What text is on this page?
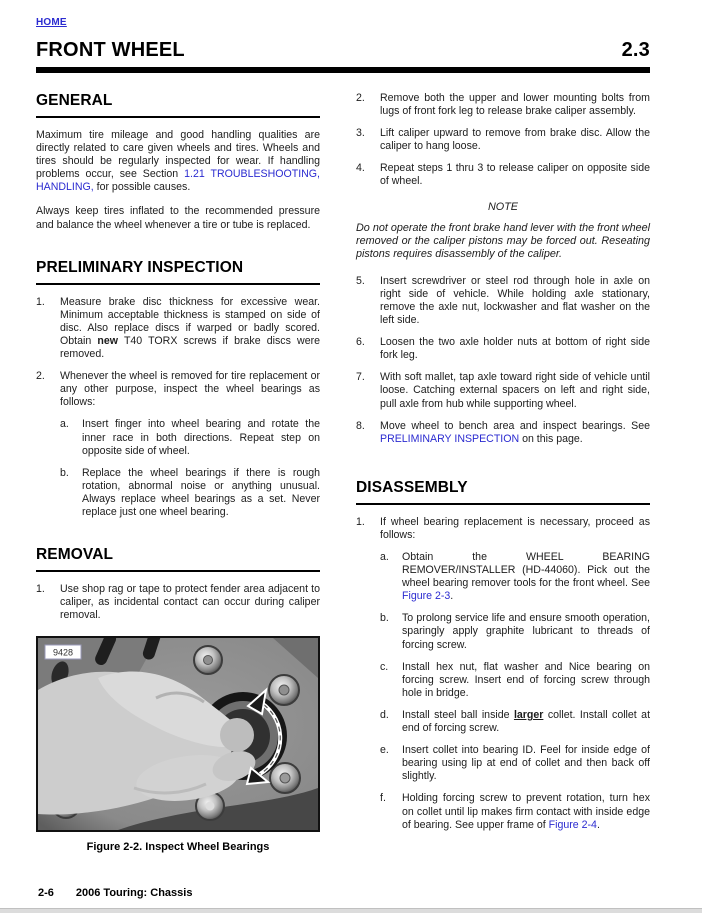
HOME
FRONT WHEEL	2.3
GENERAL

Maximum tire mileage and good handling qualities are directly related to care given wheels and tires. Wheels and tires should be regularly inspected for wear. If handling problems occur, see Section 1.21 TROUBLESHOOTING, HANDLING, for possible causes.

Always keep tires inflated to the recommended pressure and balance the wheel whenever a tire or tube is replaced.

PRELIMINARY INSPECTION
1.	Measure brake disc thickness for excessive wear. Minimum acceptable thickness is stamped on side of disc. Also replace discs if warped or badly scored. Obtain new T40 TORX screws if brake discs were removed.
2.	Whenever the wheel is removed for tire replacement or any other purpose, inspect the wheel bearings as follows:
a.	Insert finger into wheel bearing and rotate the inner race in both directions. Repeat step on opposite side of wheel.
b.	Replace the wheel bearings if there is rough rotation, abnormal noise or anything unusual. Always replace wheel bearings as a set. Never replace just one wheel bearing.
REMOVAL
1.	Use shop rag or tape to protect fender area adjacent to caliper, as incidental contact can occur during caliper removal.
9428
Figure 2-2. Inspect Wheel Bearings
2.	Remove both the upper and lower mounting bolts from lugs of front fork leg to release brake caliper assembly.
3.	Lift caliper upward to remove from brake disc. Allow the caliper to hang loose.
4.	Repeat steps 1 thru 3 to release caliper on opposite side of wheel.
NOTE
Do not operate the front brake hand lever with the front wheel removed or the caliper pistons may be forced out. Reseating pistons requires disassembly of the caliper.
5.	Insert screwdriver or steel rod through hole in axle on right side of vehicle. While holding axle stationary, remove the axle nut, lockwasher and flat washer on the left side.
6.	Loosen the two axle holder nuts at bottom of right side fork leg.
7.	With soft mallet, tap axle toward right side of vehicle until loose. Catching external spacers on left and right side, pull axle from hub while supporting wheel.
8.	Move wheel to bench area and inspect bearings. See PRELIMINARY INSPECTION on this page.
DISASSEMBLY
1.	If wheel bearing replacement is necessary, proceed as follows:
a.	Obtain the WHEEL BEARING REMOVER/INSTALLER (HD-44060). Pick out the wheel bearing remover tools for the front wheel. See Figure 2-3.
b.	To prolong service life and ensure smooth operation, sparingly apply graphite lubricant to threads of forcing screw.
c.	Install hex nut, flat washer and Nice bearing on forcing screw. Insert end of forcing screw through hole in bridge.
d.	Install steel ball inside larger collet. Install collet at end of forcing screw.
e.	Insert collet into bearing ID. Feel for inside edge of bearing using lip at end of collet and then back off slightly.
f.	Holding forcing screw to prevent rotation, turn hex on collet until lip makes firm contact with inside edge of bearing. See upper frame of Figure 2-4.
2-6 2006 Touring: Chassis
